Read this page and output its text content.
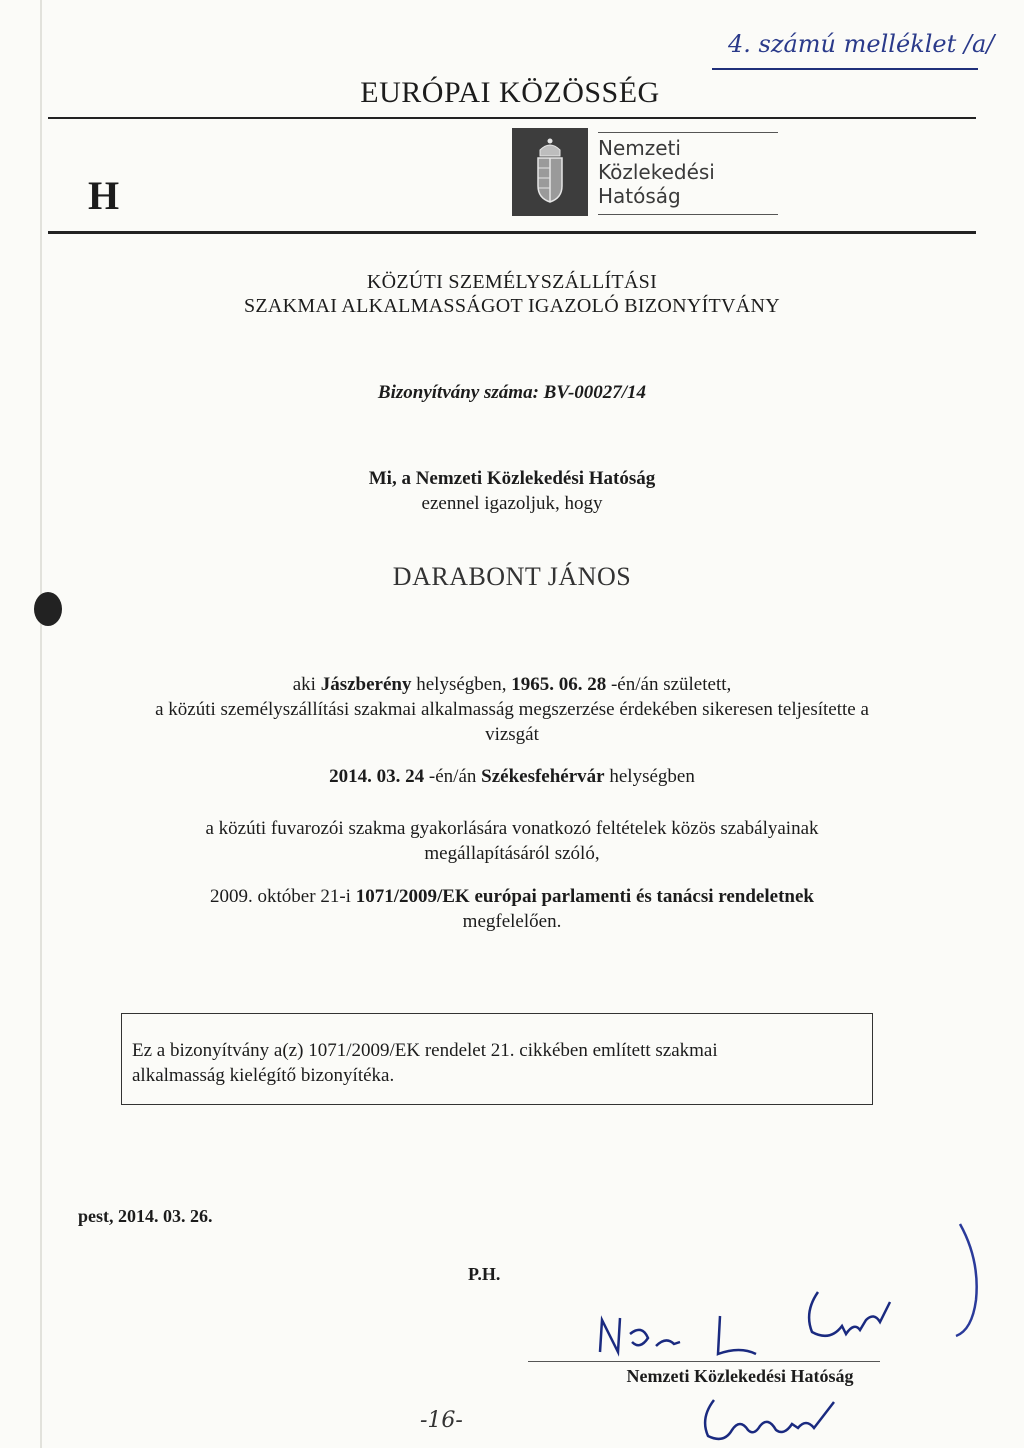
4. számú melléklet /a/
EURÓPAI KÖZÖSSÉG
H
Nemzeti
Közlekedési
Hatóság
KÖZÚTI SZEMÉLYSZÁLLÍTÁSI
SZAKMAI ALKALMASSÁGOT IGAZOLÓ BIZONYÍTVÁNY
Bizonyítvány száma: BV-00027/14
Mi, a Nemzeti Közlekedési Hatóság
ezennel igazoljuk, hogy
DARABONT JÁNOS
aki Jászberény helységben, 1965. 06. 28 -én/án született,
a közúti személyszállítási szakmai alkalmasság megszerzése érdekében sikeresen teljesítette a
vizsgát
2014. 03. 24 -én/án Székesfehérvár helységben
a közúti fuvarozói szakma gyakorlására vonatkozó feltételek közös szabályainak
megállapításáról szóló,
2009. október 21-i 1071/2009/EK európai parlamenti és tanácsi rendeletnek
megfelelően.
Ez a bizonyítvány a(z) 1071/2009/EK rendelet 21. cikkében említett szakmai
alkalmasság kielégítő bizonyítéka.
pest, 2014. 03. 26.
P.H.
Nemzeti Közlekedési Hatóság
-16-
